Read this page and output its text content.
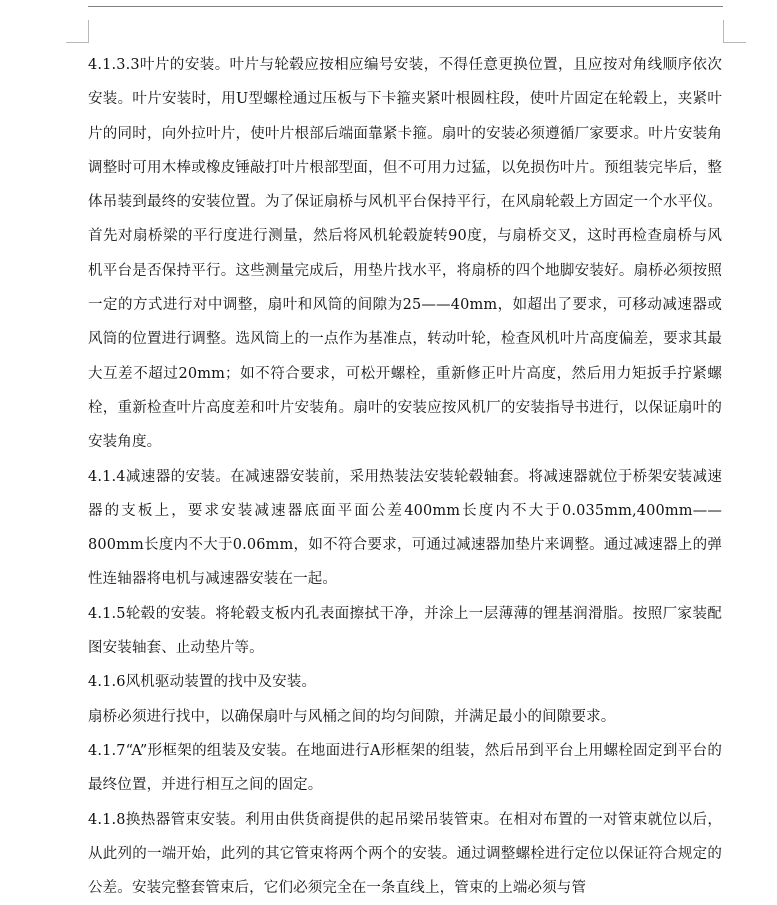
4.1.3.3叶片的安装。叶片与轮毂应按相应编号安装，不得任意更换位置，且应按对角线顺序依次安装。叶片安装时，用U型螺栓通过压板与下卡箍夹紧叶根圆柱段，使叶片固定在轮毂上，夹紧叶片的同时，向外拉叶片，使叶片根部后端面靠紧卡箍。扇叶的安装必须遵循厂家要求。叶片安装角调整时可用木棒或橡皮锤敲打叶片根部型面，但不可用力过猛，以免损伤叶片。预组装完毕后，整体吊装到最终的安装位置。为了保证扇桥与风机平台保持平行，在风扇轮毂上方固定一个水平仪。首先对扇桥梁的平行度进行测量，然后将风机轮毂旋转90度，与扇桥交叉，这时再检查扇桥与风机平台是否保持平行。这些测量完成后，用垫片找水平，将扇桥的四个地脚安装好。扇桥必须按照一定的方式进行对中调整，扇叶和风筒的间隙为25——40mm，如超出了要求，可移动减速器或风筒的位置进行调整。选风筒上的一点作为基准点，转动叶轮，检查风机叶片高度偏差，要求其最大互差不超过20mm；如不符合要求，可松开螺栓，重新修正叶片高度，然后用力矩扳手拧紧螺栓，重新检查叶片高度差和叶片安装角。扇叶的安装应按风机厂的安装指导书进行，以保证扇叶的安装角度。

4.1.4减速器的安装。在减速器安装前，采用热装法安装轮毂轴套。将减速器就位于桥架安装减速器的支板上，要求安装减速器底面平面公差400mm长度内不大于0.035mm,400mm——800mm长度内不大于0.06mm，如不符合要求，可通过减速器加垫片来调整。通过减速器上的弹性连轴器将电机与减速器安装在一起。

4.1.5轮毂的安装。将轮毂支板内孔表面擦拭干净，并涂上一层薄薄的锂基润滑脂。按照厂家装配图安装轴套、止动垫片等。

4.1.6风机驱动装置的找中及安装。

扇桥必须进行找中，以确保扇叶与风桶之间的均匀间隙，并满足最小的间隙要求。

4.1.7“A”形框架的组装及安装。在地面进行A形框架的组装，然后吊到平台上用螺栓固定到平台的最终位置，并进行相互之间的固定。

4.1.8换热器管束安装。利用由供货商提供的起吊梁吊装管束。在相对布置的一对管束就位以后，从此列的一端开始，此列的其它管束将两个两个的安装。通过调整螺栓进行定位以保证符合规定的公差。安装完整套管束后，它们必须完全在一条直线上，管束的上端必须与管
